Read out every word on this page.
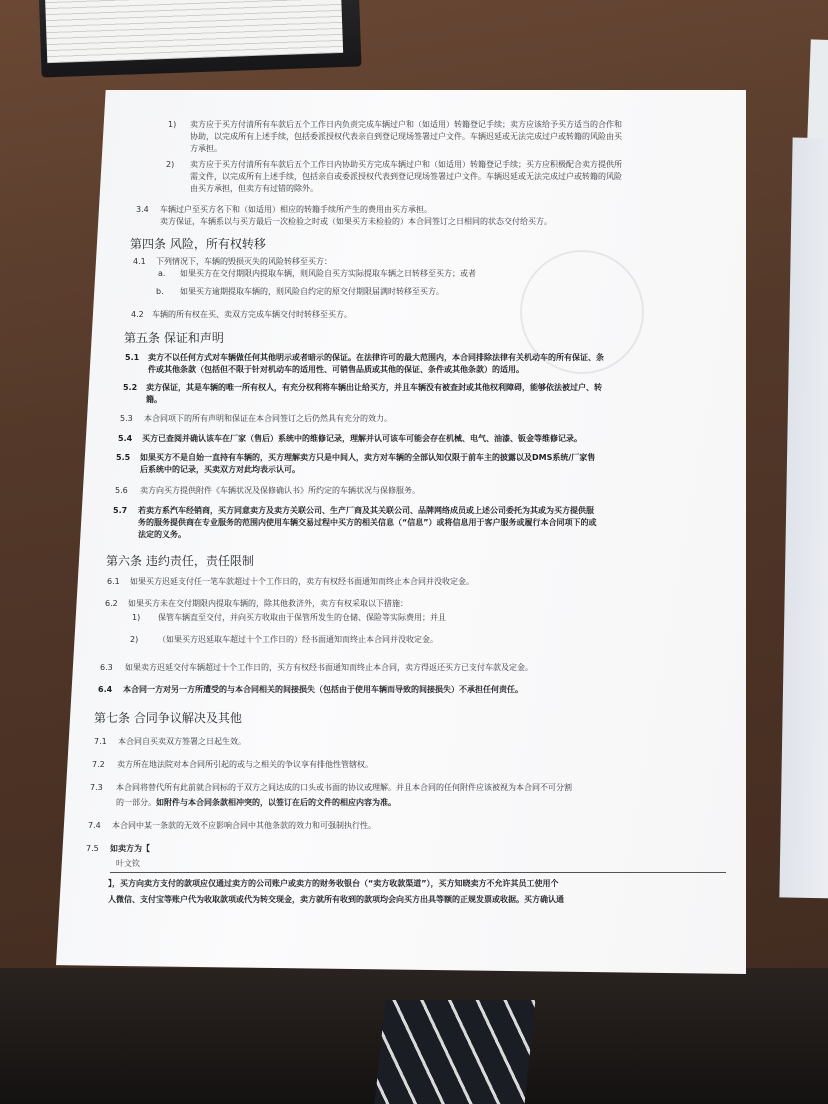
1) 卖方应于买方付清所有车款后五个工作日内负责完成车辆过户和（如适用）转籍登记手续；卖方应该给予买方适当的合作和
协助，以完成所有上述手续，包括委派授权代表亲自到登记现场签署过户文件。车辆迟延或无法完成过户或转籍的风险由买
方承担。
2) 卖方应于买方付清所有车款后五个工作日内协助买方完成车辆过户和（如适用）转籍登记手续；买方应积极配合卖方提供所
需文件，以完成所有上述手续，包括亲自或委派授权代表到登记现场签署过户文件。车辆迟延或无法完成过户或转籍的风险
由买方承担，但卖方有过错的除外。
3.4 车辆过户至买方名下和（如适用）相应的转籍手续所产生的费用由买方承担。
卖方保证，车辆系以与买方最后一次检验之时或（如果买方未检验的）本合同签订之日相同的状态交付给买方。
第四条 风险，所有权转移
4.1 下列情况下，车辆的毁损灭失的风险转移至买方：
a. 如果买方在交付期限内提取车辆，则风险自买方实际提取车辆之日转移至买方；或者
b. 如果买方逾期提取车辆的，则风险自约定的原交付期限届满时转移至买方。
4.2 车辆的所有权在买、卖双方完成车辆交付时转移至买方。
第五条 保证和声明
5.1 卖方不以任何方式对车辆做任何其他明示或者暗示的保证。在法律许可的最大范围内，本合同排除法律有关机动车的所有保证、条
件或其他条款（包括但不限于针对机动车的适用性、可销售品质或其他的保证、条件或其他条款）的适用。
5.2 卖方保证，其是车辆的唯一所有权人，有充分权利将车辆出让给买方，并且车辆没有被查封或其他权利障碍，能够依法被过户、转
籍。
5.3 本合同项下的所有声明和保证在本合同签订之后仍然具有充分的效力。
5.4 买方已查阅并确认该车在厂家（售后）系统中的维修记录，理解并认可该车可能会存在机械、电气、油漆、钣金等维修记录。
5.5 如果买方不是自始一直持有车辆的，买方理解卖方只是中间人，卖方对车辆的全部认知仅限于前车主的披露以及DMS系统/厂家售
后系统中的记录，买卖双方对此均表示认可。
5.6 卖方向买方提供附件《车辆状况及保修确认书》所约定的车辆状况与保修服务。
5.7 若卖方系汽车经销商，买方同意卖方及卖方关联公司、生产厂商及其关联公司、品牌网络成员或上述公司委托为其或为买方提供服
务的服务提供商在专业服务的范围内使用车辆交易过程中买方的相关信息（“信息”）或将信息用于客户服务或履行本合同项下的或
法定的义务。
第六条 违约责任，责任限制
6.1 如果买方迟延支付任一笔车款超过十个工作日的，卖方有权经书面通知而终止本合同并没收定金。
6.2 如果买方未在交付期限内提取车辆的，除其他救济外，卖方有权采取以下措施：
1) 保管车辆直至交付，并向买方收取由于保管所发生的仓储、保险等实际费用；并且
2) （如果买方迟延取车超过十个工作日的）经书面通知而终止本合同并没收定金。
6.3 如果卖方迟延交付车辆超过十个工作日的，买方有权经书面通知而终止本合同，卖方得返还买方已支付车款及定金。
6.4 本合同一方对另一方所遭受的与本合同相关的间接损失（包括由于使用车辆而导致的间接损失）不承担任何责任。
第七条 合同争议解决及其他
7.1 本合同自买卖双方签署之日起生效。
7.2 卖方所在地法院对本合同所引起的或与之相关的争议享有排他性管辖权。
7.3 本合同将替代所有此前就合同标的于双方之间达成的口头或书面的协议或理解。并且本合同的任何附件应该被视为本合同不可分割
的一部分。如附件与本合同条款相冲突的，以签订在后的文件的相应内容为准。
7.4 本合同中某一条款的无效不应影响合同中其他条款的效力和可强制执行性。
7.5 如卖方为【
叶文钦
】，买方向卖方支付的款项应仅通过卖方的公司账户或卖方的财务收银台（“卖方收款渠道”），买方知晓卖方不允许其员工使用个
人微信、支付宝等账户代为收取款项或代为转交现金，卖方就所有收到的款项均会向买方出具等额的正规发票或收据。买方确认通
